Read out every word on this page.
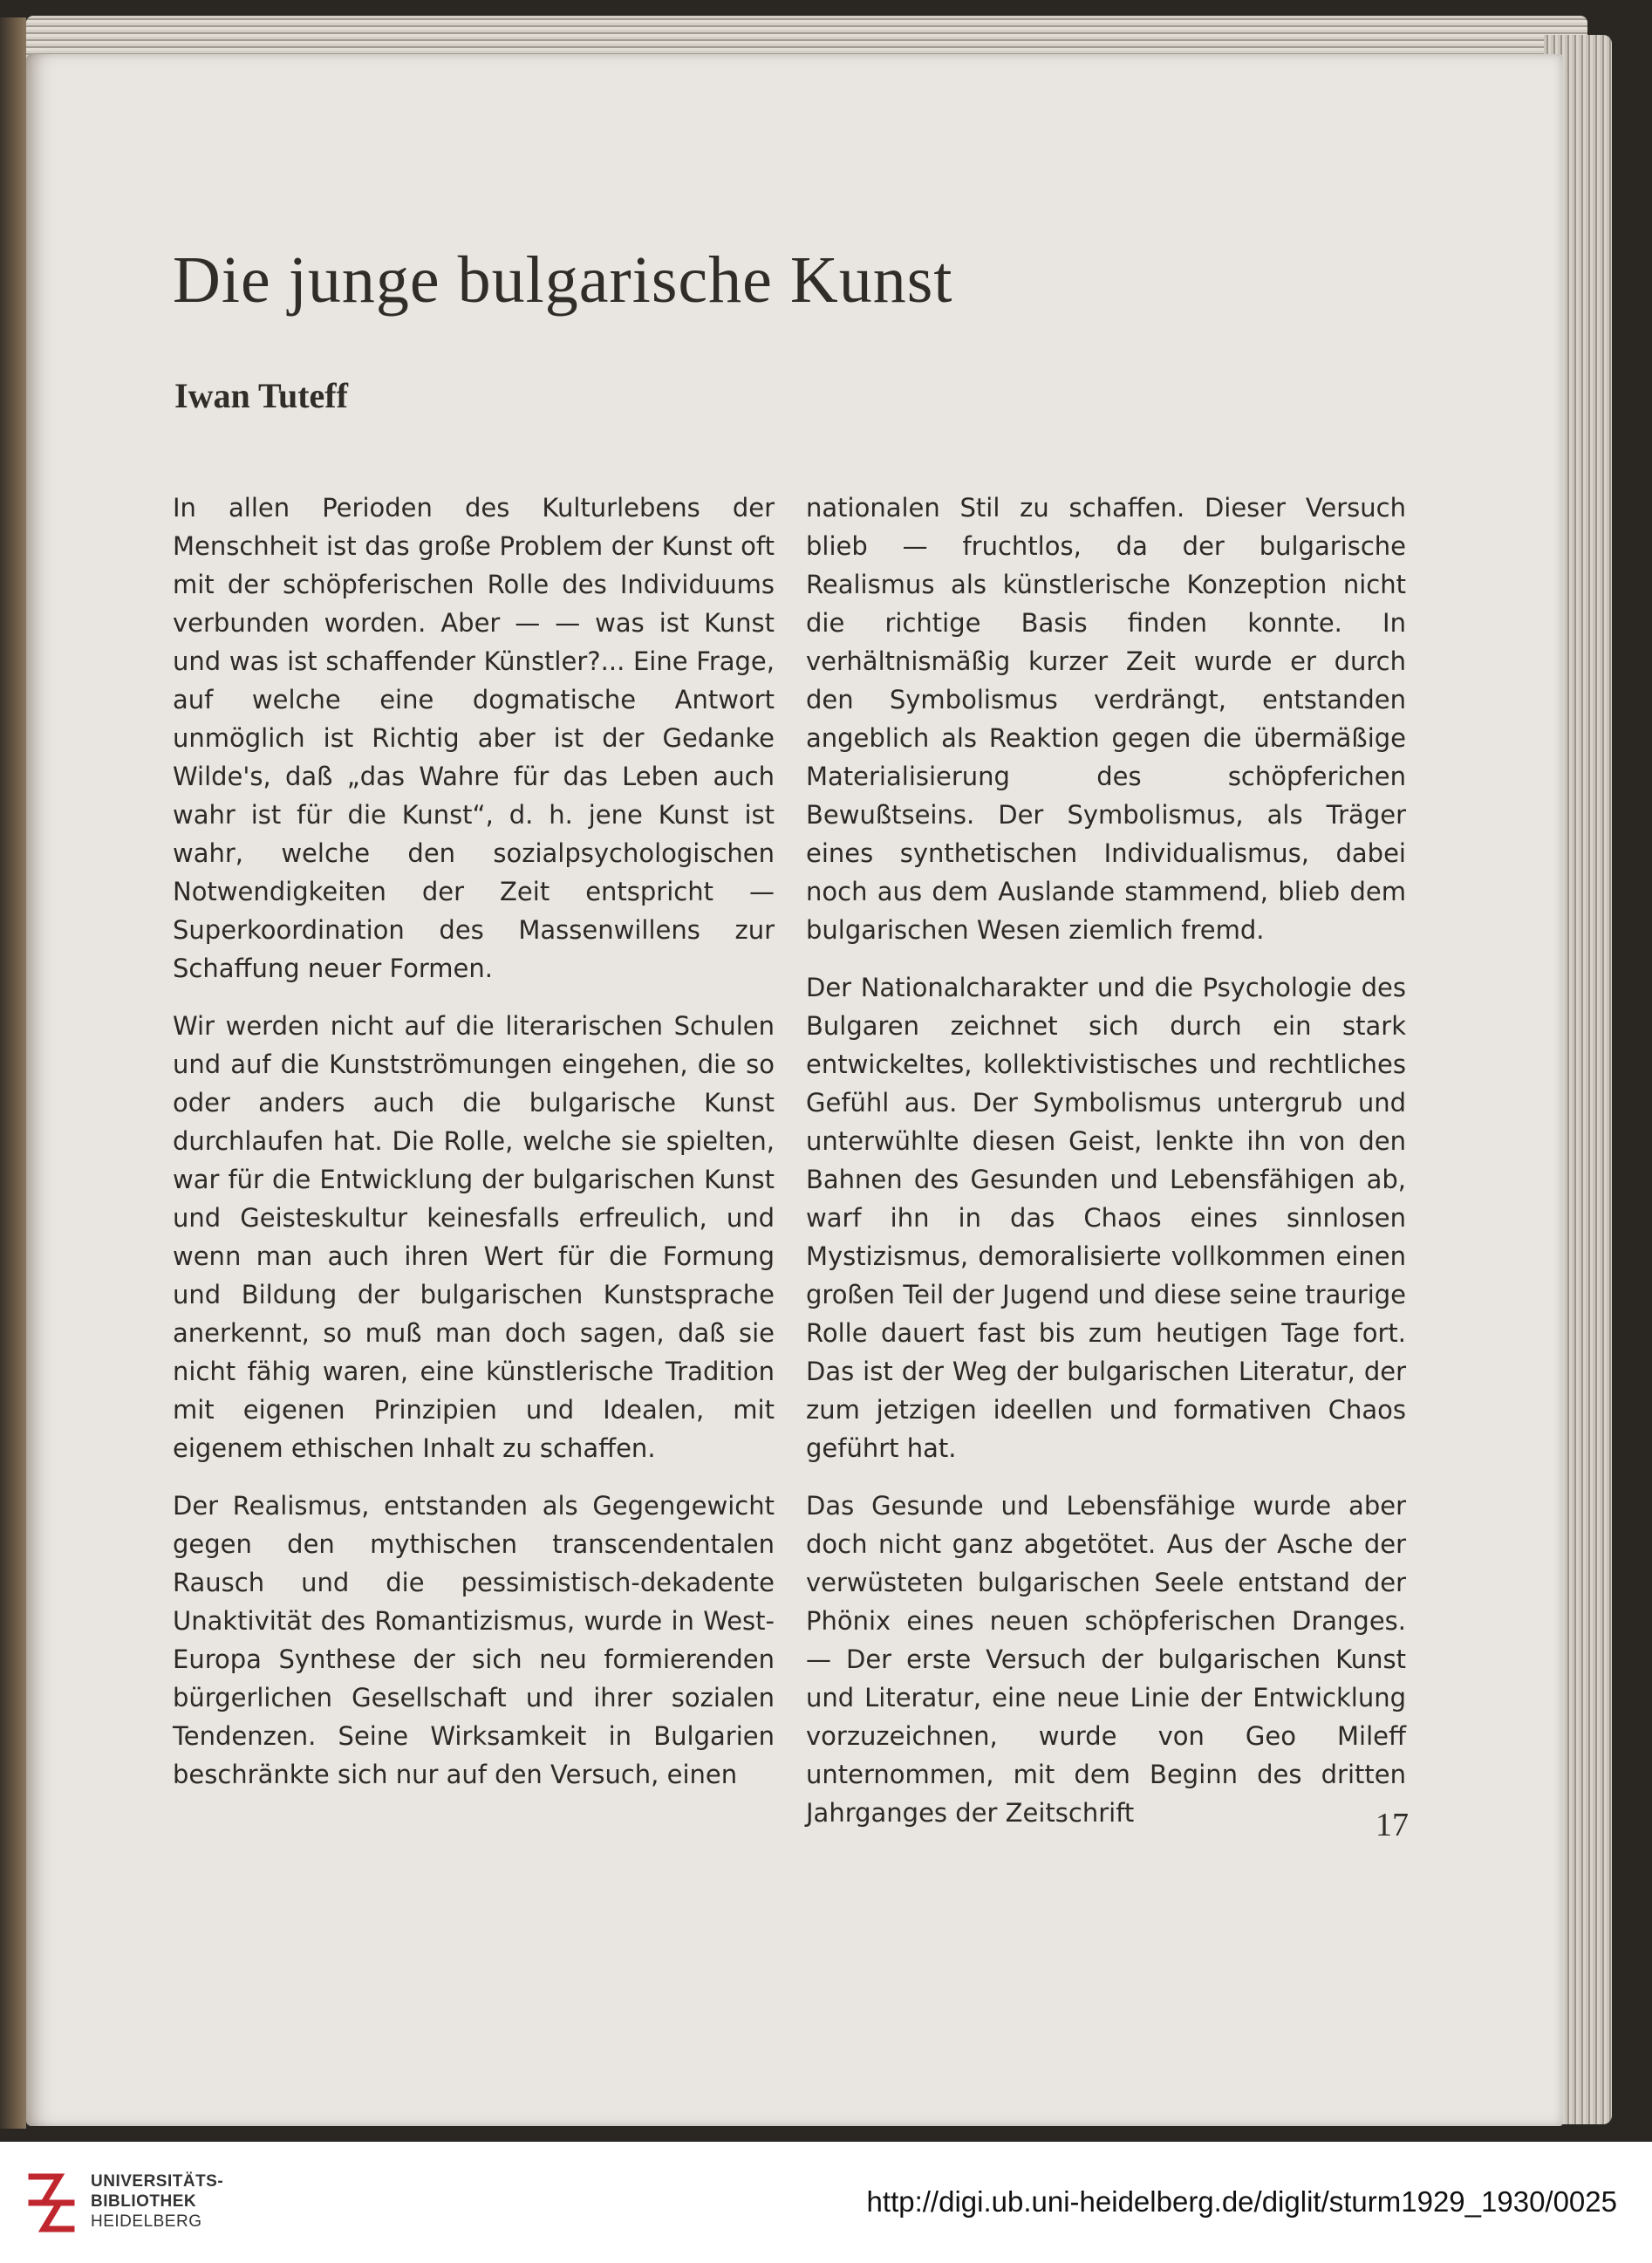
Die junge bulgarische Kunst
Iwan Tuteff

In allen Perioden des Kulturlebens der Menschheit ist das große Problem der Kunst oft mit der schöpferischen Rolle des Individuums verbunden worden. Aber — — was ist Kunst und was ist schaffender Künstler?... Eine Frage, auf welche eine dogmatische Antwort unmöglich ist Richtig aber ist der Gedanke Wilde's, daß „das Wahre für das Leben auch wahr ist für die Kunst“, d. h. jene Kunst ist wahr, welche den sozialpsychologischen Notwendigkeiten der Zeit entspricht — Superkoordination des Massenwillens zur Schaffung neuer Formen.

Wir werden nicht auf die literarischen Schulen und auf die Kunstströmungen eingehen, die so oder anders auch die bulgarische Kunst durchlaufen hat. Die Rolle, welche sie spielten, war für die Entwicklung der bulgarischen Kunst und Geisteskultur keinesfalls erfreulich, und wenn man auch ihren Wert für die Formung und Bildung der bulgarischen Kunstsprache anerkennt, so muß man doch sagen, daß sie nicht fähig waren, eine künstlerische Tradition mit eigenen Prinzipien und Idealen, mit eigenem ethischen Inhalt zu schaffen.

Der Realismus, entstanden als Gegengewicht gegen den mythischen transcendentalen Rausch und die pessimistisch-dekadente Unaktivität des Romantizismus, wurde in West-Europa Synthese der sich neu formierenden bürgerlichen Gesellschaft und ihrer sozialen Tendenzen. Seine Wirksamkeit in Bulgarien beschränkte sich nur auf den Versuch, einen

nationalen Stil zu schaffen. Dieser Versuch blieb — fruchtlos, da der bulgarische Realismus als künstlerische Konzeption nicht die richtige Basis finden konnte. In verhältnismäßig kurzer Zeit wurde er durch den Symbolismus verdrängt, entstanden angeblich als Reaktion gegen die übermäßige Materialisierung des schöpferichen Bewußtseins. Der Symbolismus, als Träger eines synthetischen Individualismus, dabei noch aus dem Auslande stammend, blieb dem bulgarischen Wesen ziemlich fremd.

Der Nationalcharakter und die Psychologie des Bulgaren zeichnet sich durch ein stark entwickeltes, kollektivistisches und rechtliches Gefühl aus. Der Symbolismus untergrub und unterwühlte diesen Geist, lenkte ihn von den Bahnen des Gesunden und Lebensfähigen ab, warf ihn in das Chaos eines sinnlosen Mystizismus, demoralisierte vollkommen einen großen Teil der Jugend und diese seine traurige Rolle dauert fast bis zum heutigen Tage fort. Das ist der Weg der bulgarischen Literatur, der zum jetzigen ideellen und formativen Chaos geführt hat.

Das Gesunde und Lebensfähige wurde aber doch nicht ganz abgetötet. Aus der Asche der verwüsteten bulgarischen Seele entstand der Phönix eines neuen schöpferischen Dranges. — Der erste Versuch der bulgarischen Kunst und Literatur, eine neue Linie der Entwicklung vorzuzeichnen, wurde von Geo Mileff unternommen, mit dem Beginn des dritten Jahrganges der Zeitschrift	17
UNIVERSITÄTS-
BIBLIOTHEK
HEIDELBERG
http://digi.ub.uni-heidelberg.de/diglit/sturm1929_1930/0025
